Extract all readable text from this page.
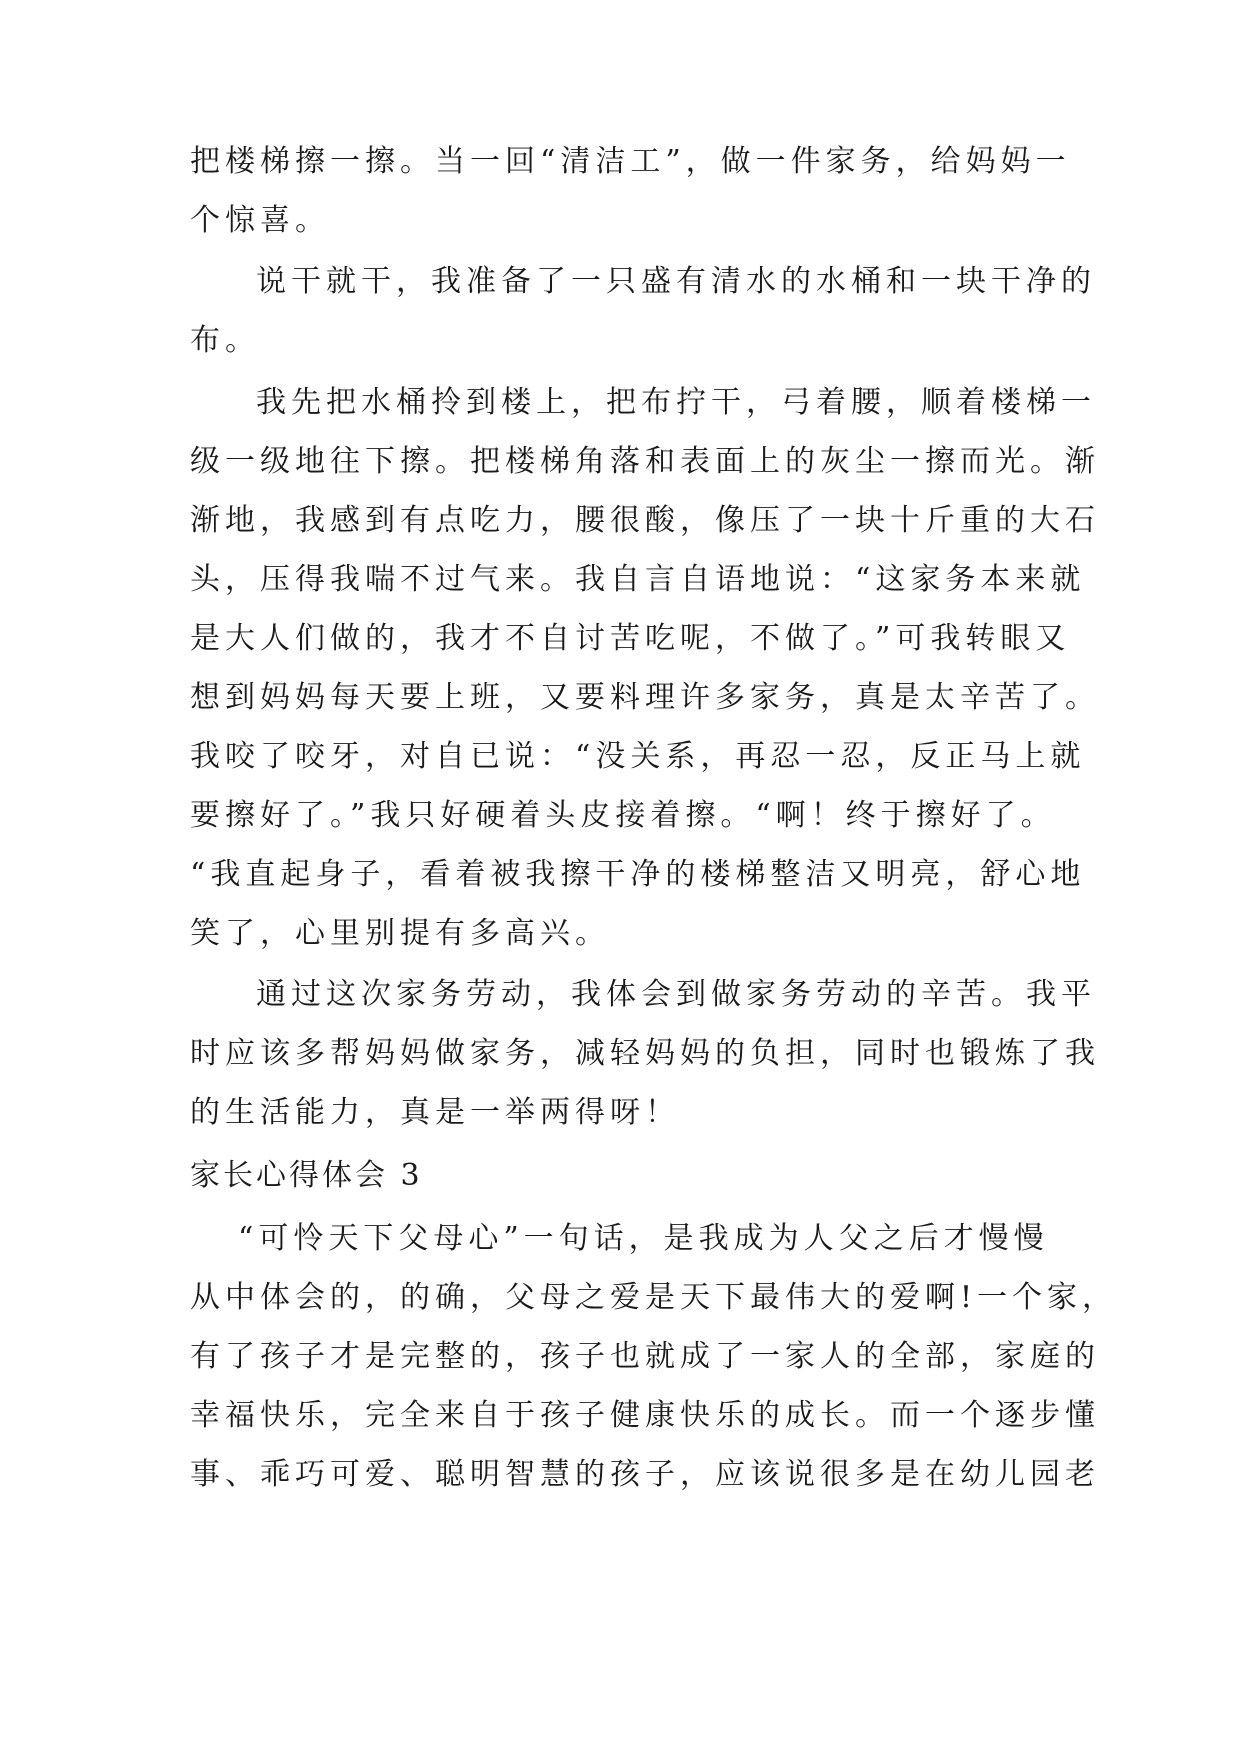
把楼梯擦一擦。当一回“清洁工”，做一件家务，给妈妈一
个惊喜。
说干就干，我准备了一只盛有清水的水桶和一块干净的
布。
我先把水桶拎到楼上，把布拧干，弓着腰，顺着楼梯一
级一级地往下擦。把楼梯角落和表面上的灰尘一擦而光。渐
渐地，我感到有点吃力，腰很酸，像压了一块十斤重的大石
头，压得我喘不过气来。我自言自语地说：“这家务本来就
是大人们做的，我才不自讨苦吃呢，不做了。”可我转眼又
想到妈妈每天要上班，又要料理许多家务，真是太辛苦了。
我咬了咬牙，对自已说：“没关系，再忍一忍，反正马上就
要擦好了。”我只好硬着头皮接着擦。“啊！终于擦好了。
“我直起身子，看着被我擦干净的楼梯整洁又明亮，舒心地
笑了，心里别提有多高兴。
通过这次家务劳动，我体会到做家务劳动的辛苦。我平
时应该多帮妈妈做家务，减轻妈妈的负担，同时也锻炼了我
的生活能力，真是一举两得呀！
家长心得体会 3
“可怜天下父母心”一句话，是我成为人父之后才慢慢
从中体会的，的确，父母之爱是天下最伟大的爱啊!一个家，
有了孩子才是完整的，孩子也就成了一家人的全部，家庭的
幸福快乐，完全来自于孩子健康快乐的成长。而一个逐步懂
事、乖巧可爱、聪明智慧的孩子，应该说很多是在幼儿园老
